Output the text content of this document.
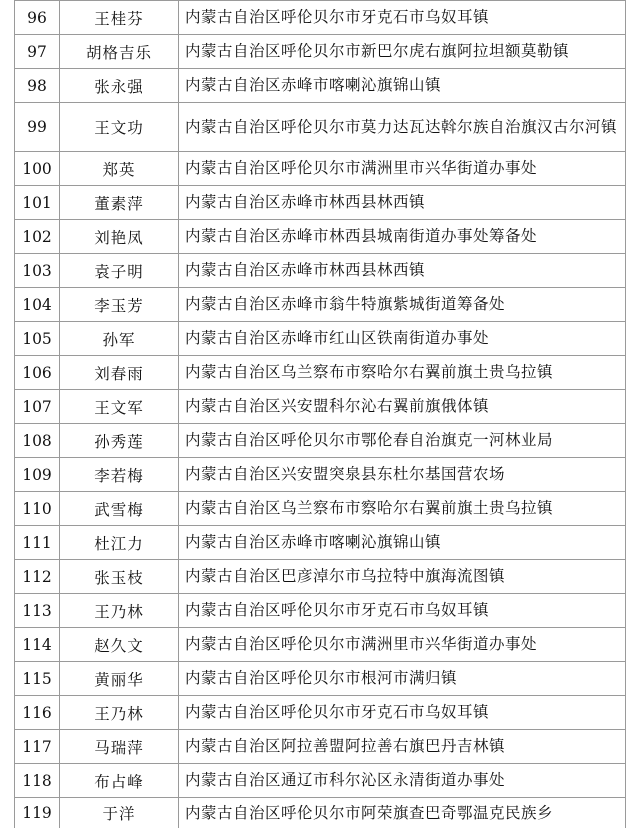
96	王桂芬	内蒙古自治区呼伦贝尔市牙克石市乌奴耳镇
97	胡格吉乐	内蒙古自治区呼伦贝尔市新巴尔虎右旗阿拉坦额莫勒镇
98	张永强	内蒙古自治区赤峰市喀喇沁旗锦山镇
99	王文功	内蒙古自治区呼伦贝尔市莫力达瓦达斡尔族自治旗汉古尔河镇
100	郑英	内蒙古自治区呼伦贝尔市满洲里市兴华街道办事处
101	董素萍	内蒙古自治区赤峰市林西县林西镇
102	刘艳凤	内蒙古自治区赤峰市林西县城南街道办事处筹备处
103	袁子明	内蒙古自治区赤峰市林西县林西镇
104	李玉芳	内蒙古自治区赤峰市翁牛特旗紫城街道筹备处
105	孙军	内蒙古自治区赤峰市红山区铁南街道办事处
106	刘春雨	内蒙古自治区乌兰察布市察哈尔右翼前旗土贵乌拉镇
107	王文军	内蒙古自治区兴安盟科尔沁右翼前旗俄体镇
108	孙秀莲	内蒙古自治区呼伦贝尔市鄂伦春自治旗克一河林业局
109	李若梅	内蒙古自治区兴安盟突泉县东杜尔基国营农场
110	武雪梅	内蒙古自治区乌兰察布市察哈尔右翼前旗土贵乌拉镇
111	杜江力	内蒙古自治区赤峰市喀喇沁旗锦山镇
112	张玉枝	内蒙古自治区巴彦淖尔市乌拉特中旗海流图镇
113	王乃林	内蒙古自治区呼伦贝尔市牙克石市乌奴耳镇
114	赵久文	内蒙古自治区呼伦贝尔市满洲里市兴华街道办事处
115	黄丽华	内蒙古自治区呼伦贝尔市根河市满归镇
116	王乃林	内蒙古自治区呼伦贝尔市牙克石市乌奴耳镇
117	马瑞萍	内蒙古自治区阿拉善盟阿拉善右旗巴丹吉林镇
118	布占峰	内蒙古自治区通辽市科尔沁区永清街道办事处
119	于洋	内蒙古自治区呼伦贝尔市阿荣旗查巴奇鄂温克民族乡
